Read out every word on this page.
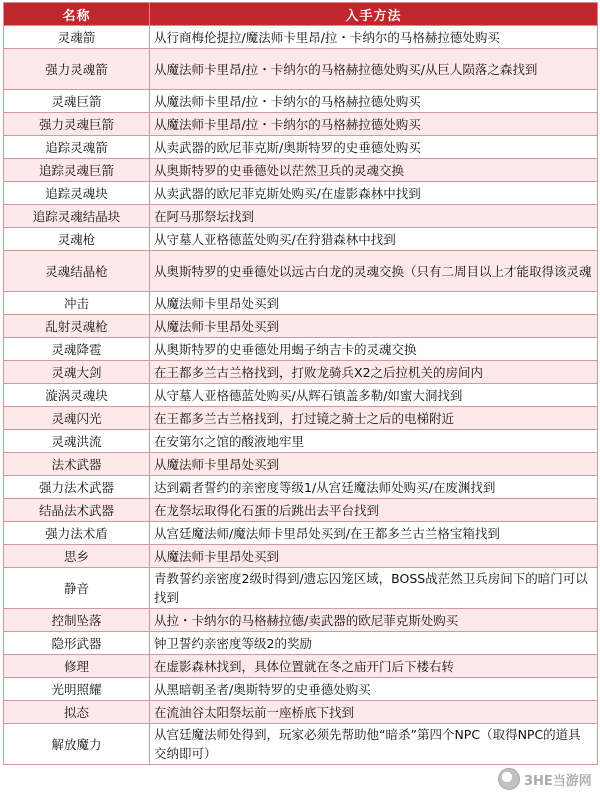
名称	入手方法
灵魂箭	从行商梅伦提拉/魔法师卡里昂/拉・卡纳尔的马格赫拉德处购买
强力灵魂箭	从魔法师卡里昂/拉・卡纳尔的马格赫拉德处购买/从巨人陨落之森找到
灵魂巨箭	从魔法师卡里昂/拉・卡纳尔的马格赫拉德处购买
强力灵魂巨箭	从魔法师卡里昂/拉・卡纳尔的马格赫拉德处购买
追踪灵魂箭	从卖武器的欧尼菲克斯/奥斯特罗的史垂德处购买
追踪灵魂巨箭	从奥斯特罗的史垂德处以茫然卫兵的灵魂交换
追踪灵魂块	从卖武器的欧尼菲克斯处购买/在虚影森林中找到
追踪灵魂结晶块	在阿马那祭坛找到
灵魂枪	从守墓人亚格德蓝处购买/在狩猎森林中找到
灵魂结晶枪	从奥斯特罗的史垂德处以远古白龙的灵魂交换（只有二周目以上才能取得该灵魂
冲击	从魔法师卡里昂处买到
乱射灵魂枪	从魔法师卡里昂处买到
灵魂降雹	从奥斯特罗的史垂德处用蝎子纳吉卡的灵魂交换
灵魂大剑	在王都多兰古兰格找到，打败龙骑兵X2之后拉机关的房间内
漩涡灵魂块	从守墓人亚格德蓝处购买/从辉石镇盖多勒/如蜜大洞找到
灵魂闪光	在王都多兰古兰格找到，打过镜之骑士之后的电梯附近
灵魂洪流	在安第尔之馆的酸液地牢里
法术武器	从魔法师卡里昂处买到
强力法术武器	达到霸者誓约的亲密度等级1/从宫廷魔法师处购买/在废渊找到
结晶法术武器	在龙祭坛取得化石蛋的后跳出去平台找到
强力法术盾	从宫廷魔法师/魔法师卡里昂处买到/在王都多兰古兰格宝箱找到
思乡	从魔法师卡里昂处买到
静音	青教誓约亲密度2级时得到/遗忘囚笼区域，BOSS战茫然卫兵房间下的暗门可以找到
控制坠落	从拉・卡纳尔的马格赫拉德/卖武器的欧尼菲克斯处购买
隐形武器	钟卫誓约亲密度等级2的奖励
修理	在虚影森林找到，具体位置就在冬之庙开门后下楼右转
光明照耀	从黑暗朝圣者/奥斯特罗的史垂德处购买
拟态	在流油谷太阳祭坛前一座桥底下找到
解放魔力	从宫廷魔法师处得到，玩家必须先帮助他“暗杀”第四个NPC（取得NPC的道具交纳即可）
3HE当游网
